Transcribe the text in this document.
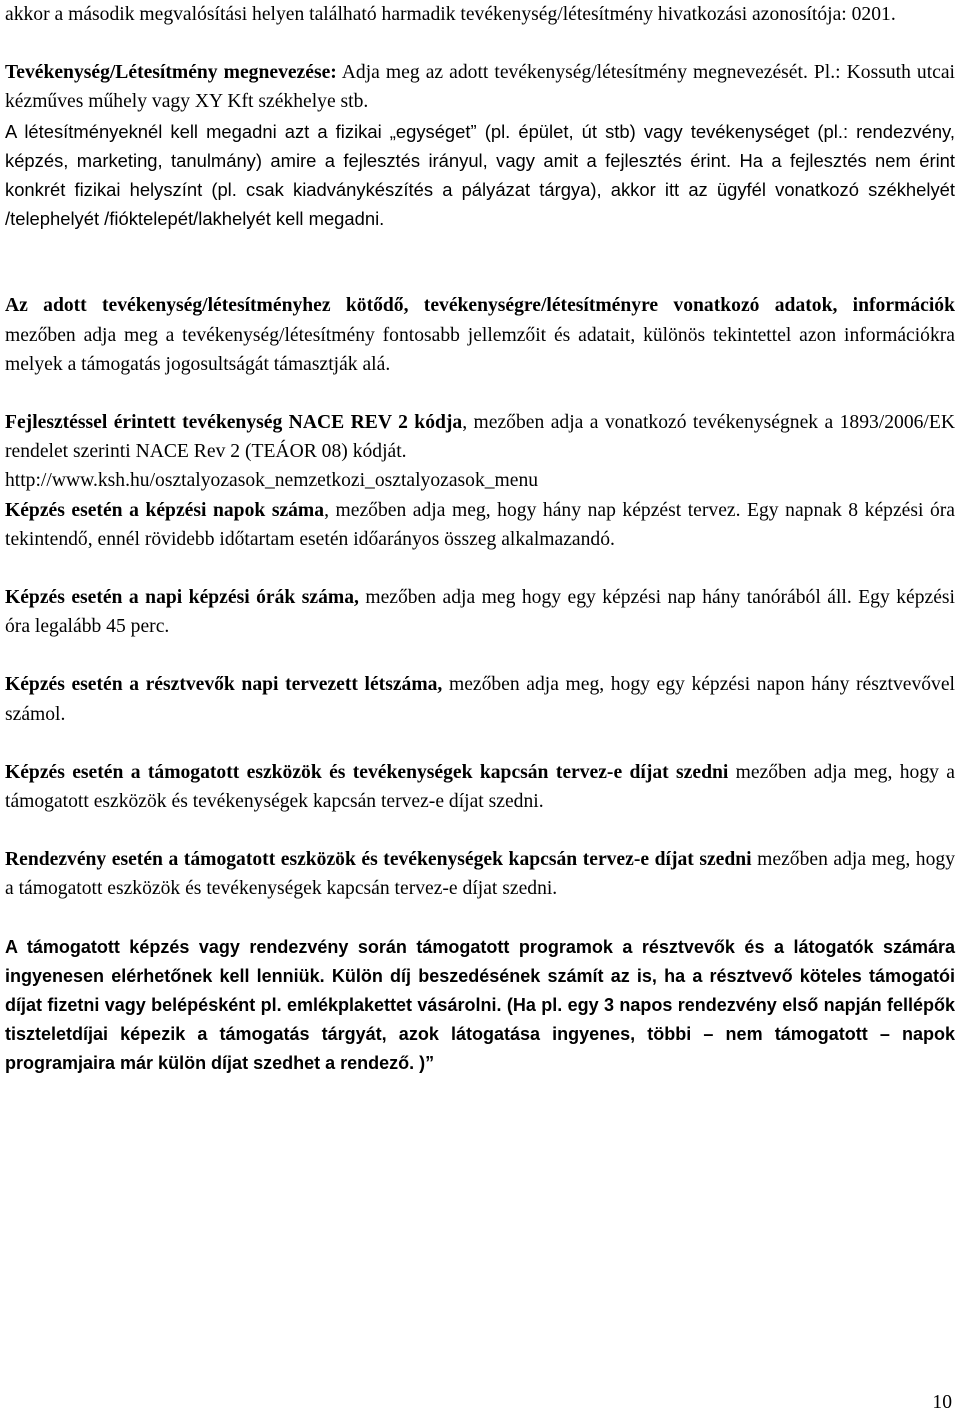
akkor a második megvalósítási helyen található harmadik tevékenység/létesítmény hivatkozási azonosítója: 0201.

Tevékenység/Létesítmény megnevezése: Adja meg az adott tevékenység/létesítmény megnevezését. Pl.: Kossuth utcai kézműves műhely vagy XY Kft székhelye stb.

A létesítményeknél kell megadni azt a fizikai „egységet” (pl. épület, út stb) vagy tevékenységet (pl.: rendezvény, képzés, marketing, tanulmány) amire a fejlesztés irányul, vagy amit a fejlesztés érint. Ha a fejlesztés nem érint konkrét fizikai helyszínt (pl. csak kiadványkészítés a pályázat tárgya), akkor itt az ügyfél vonatkozó székhelyét /telephelyét /fióktelepét/lakhelyét kell megadni.

Az adott tevékenység/létesítményhez kötődő, tevékenységre/létesítményre vonatkozó adatok, információk mezőben adja meg a tevékenység/létesítmény fontosabb jellemzőit és adatait, különös tekintettel azon információkra melyek a támogatás jogosultságát támasztják alá.

Fejlesztéssel érintett tevékenység NACE REV 2 kódja, mezőben adja a vonatkozó tevékenységnek a 1893/2006/EK rendelet szerinti NACE Rev 2 (TEÁOR 08) kódját.

http://www.ksh.hu/osztalyozasok_nemzetkozi_osztalyozasok_menu

Képzés esetén a képzési napok száma, mezőben adja meg, hogy hány nap képzést tervez. Egy napnak 8 képzési óra tekintendő, ennél rövidebb időtartam esetén időarányos összeg alkalmazandó.

Képzés esetén a napi képzési órák száma, mezőben adja meg hogy egy képzési nap hány tanórából áll. Egy képzési óra legalább 45 perc.

Képzés esetén a résztvevők napi tervezett létszáma, mezőben adja meg, hogy egy képzési napon hány résztvevővel számol.

Képzés esetén a támogatott eszközök és tevékenységek kapcsán tervez-e díjat szedni mezőben adja meg, hogy a támogatott eszközök és tevékenységek kapcsán tervez-e díjat szedni.

Rendezvény esetén a támogatott eszközök és tevékenységek kapcsán tervez-e díjat szedni mezőben adja meg, hogy a támogatott eszközök és tevékenységek kapcsán tervez-e díjat szedni.

A támogatott képzés vagy rendezvény során támogatott programok a résztvevők és a látogatók számára ingyenesen elérhetőnek kell lenniük. Külön díj beszedésének számít az is, ha a résztvevő köteles támogatói díjat fizetni vagy belépésként pl. emlékplakettet vásárolni. (Ha pl. egy 3 napos rendezvény első napján fellépők tiszteletdíjai képezik a támogatás tárgyát, azok látogatása ingyenes, többi – nem támogatott – napok programjaira már külön díjat szedhet a rendező. )”

10
